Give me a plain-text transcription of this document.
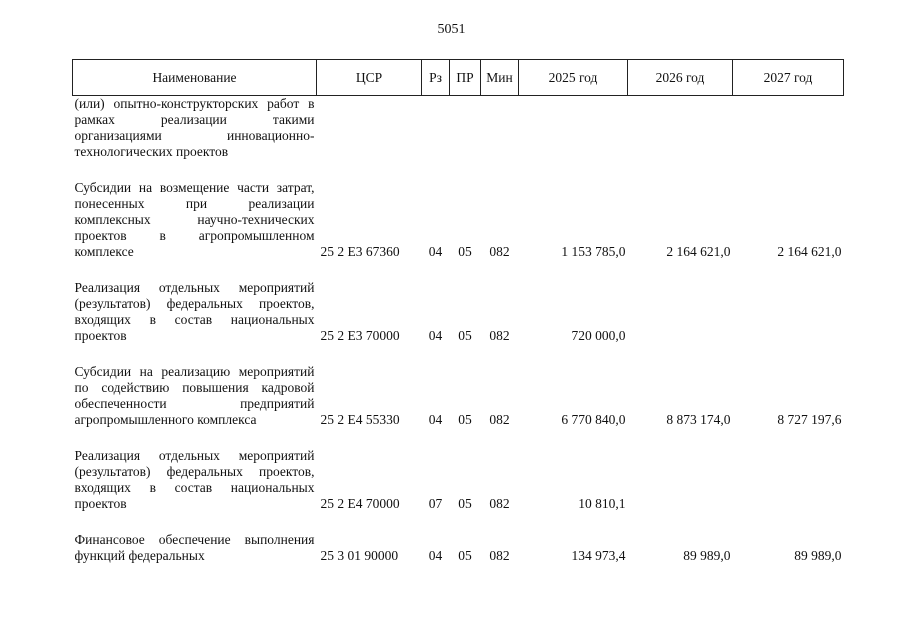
5051
Наименование	ЦСР	Рз	ПР	Мин	2025 год	2026 год	2027 год
(или) опытно-конструкторских работ в рамках реализации такими организациями инновационно-технологических проектов							

Субсидии на возмещение части затрат, понесенных при реализации комплексных научно-технических проектов в агропромышленном комплексе	25 2 Е3 67360	04	05	082	1 153 785,0	2 164 621,0	2 164 621,0

Реализация отдельных мероприятий (результатов) федеральных проектов, входящих в состав национальных проектов	25 2 Е3 70000	04	05	082	720 000,0		

Субсидии на реализацию мероприятий по содействию повышения кадровой обеспеченности предприятий агропромышленного комплекса	25 2 Е4 55330	04	05	082	6 770 840,0	8 873 174,0	8 727 197,6

Реализация отдельных мероприятий (результатов) федеральных проектов, входящих в состав национальных проектов	25 2 Е4 70000	07	05	082	10 810,1		

Финансовое обеспечение выполнения функций федеральных	25 3 01 90000	04	05	082	134 973,4	89 989,0	89 989,0
